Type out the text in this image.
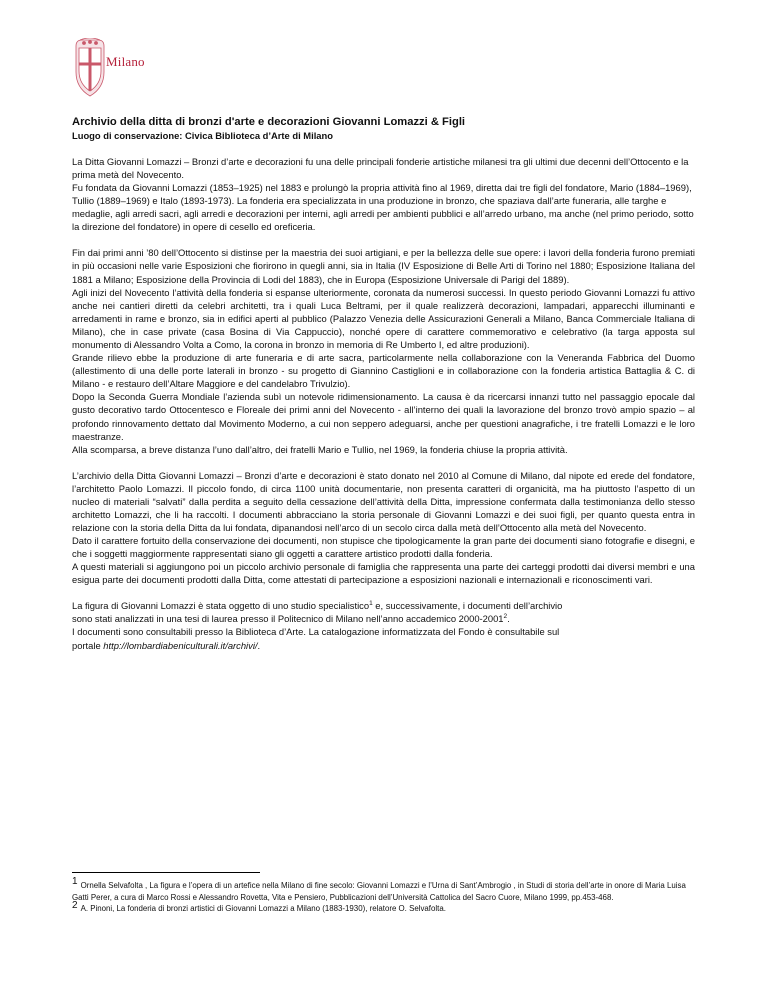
Milano
Archivio della ditta di bronzi d'arte e decorazioni Giovanni Lomazzi & Figli
Luogo di conservazione: Civica Biblioteca d’Arte di Milano
La Ditta Giovanni Lomazzi – Bronzi d’arte e decorazioni fu una delle principali fonderie artistiche milanesi tra gli ultimi due decenni dell’Ottocento e la prima metà del Novecento.
Fu fondata da Giovanni Lomazzi (1853–1925) nel 1883 e prolungò la propria attività fino al 1969, diretta dai tre figli del fondatore, Mario (1884–1969), Tullio (1889–1969) e Italo (1893-1973). La fonderia era specializzata in una produzione in bronzo, che spaziava dall’arte funeraria, alle targhe e medaglie, agli arredi sacri, agli arredi e decorazioni per interni, agli arredi per ambienti pubblici e all’arredo urbano, ma anche (nel primo periodo, sotto la direzione del fondatore) in opere di cesello ed oreficeria.
Fin dai primi anni ’80 dell’Ottocento si distinse per la maestria dei suoi artigiani, e per la bellezza delle sue opere: i lavori della fonderia furono premiati in più occasioni nelle varie Esposizioni che fiorirono in quegli anni, sia in Italia (IV Esposizione di Belle Arti di Torino nel 1880; Esposizione Italiana del 1881 a Milano; Esposizione della Provincia di Lodi del 1883), che in Europa (Esposizione Universale di Parigi del 1889).
Agli inizi del Novecento l’attività della fonderia si espanse ulteriormente, coronata da numerosi successi. In questo periodo Giovanni Lomazzi fu attivo anche nei cantieri diretti da celebri architetti, tra i quali Luca Beltrami, per il quale realizzerà decorazioni, lampadari, apparecchi illuminanti e arredamenti in rame e bronzo, sia in edifici aperti al pubblico (Palazzo Venezia delle Assicurazioni Generali a Milano, Banca Commerciale Italiana di Milano), che in case private (casa Bosina di Via Cappuccio), nonché opere di carattere commemorativo e celebrativo (la targa apposta sul monumento di Alessandro Volta a Como, la corona in bronzo in memoria di Re Umberto I, ed altre produzioni).
Grande rilievo ebbe la produzione di arte funeraria e di arte sacra, particolarmente nella collaborazione con la Veneranda Fabbrica del Duomo (allestimento di una delle porte laterali in bronzo - su progetto di Giannino Castiglioni e in collaborazione con la fonderia artistica Battaglia & C. di Milano - e restauro dell’Altare Maggiore e del candelabro Trivulzio).
Dopo la Seconda Guerra Mondiale l’azienda subì un notevole ridimensionamento. La causa è da ricercarsi innanzi tutto nel passaggio epocale dal gusto decorativo tardo Ottocentesco e Floreale dei primi anni del Novecento - all’interno dei quali la lavorazione del bronzo trovò ampio spazio – al profondo rinnovamento dettato dal Movimento Moderno, a cui non seppero adeguarsi, anche per questioni anagrafiche, i tre fratelli Lomazzi e le loro maestranze.
Alla scomparsa, a breve distanza l’uno dall’altro, dei fratelli Mario e Tullio, nel 1969, la fonderia chiuse la propria attività.
L’archivio della Ditta Giovanni Lomazzi – Bronzi d’arte e decorazioni è stato donato nel 2010 al Comune di Milano, dal nipote ed erede del fondatore, l’architetto Paolo Lomazzi. Il piccolo fondo, di circa 1100 unità documentarie, non presenta caratteri di organicità, ma ha piuttosto l’aspetto di un nucleo di materiali “salvati” dalla perdita a seguito della cessazione dell’attività della Ditta, impressione confermata dalla testimonianza dello stesso architetto Lomazzi, che li ha raccolti. I documenti abbracciano la storia personale di Giovanni Lomazzi e dei suoi figli, per quanto questa entra in relazione con la storia della Ditta da lui fondata, dipanandosi nell’arco di un secolo circa dalla metà dell’Ottocento alla metà del Novecento.
Dato il carattere fortuito della conservazione dei documenti, non stupisce che tipologicamente la gran parte dei documenti siano fotografie e disegni, e che i soggetti maggiormente rappresentati siano gli oggetti a carattere artistico prodotti dalla fonderia.
A questi materiali si aggiungono poi un piccolo archivio personale di famiglia che rappresenta una parte dei carteggi prodotti dai diversi membri e una esigua parte dei documenti prodotti dalla Ditta, come attestati di partecipazione a esposizioni nazionali e internazionali e riconoscimenti vari.
La figura di Giovanni Lomazzi è stata oggetto di uno studio specialistico$^1$ e, successivamente, i documenti dell’archivio
sono stati analizzati in una tesi di laurea presso il Politecnico di Milano nell’anno accademico 2000-2001$^2$.
I documenti sono consultabili presso la Biblioteca d’Arte. La catalogazione informatizzata del Fondo è consultabile sul
portale http://lombardiabeniculturali.it/archivi/.
1 Ornella Selvafolta , La figura e l’opera di un artefice nella Milano di fine secolo: Giovanni Lomazzi e l’Urna di Sant’Ambrogio , in Studi di storia dell’arte in onore di Maria Luisa Gatti Perer, a cura di Marco Rossi e Alessandro Rovetta, Vita e Pensiero, Pubblicazioni dell’Università Cattolica del Sacro Cuore, Milano 1999, pp.453-468.
2 A. Pinoni, La fonderia di bronzi artistici di Giovanni Lomazzi a Milano (1883-1930), relatore O. Selvafolta.
